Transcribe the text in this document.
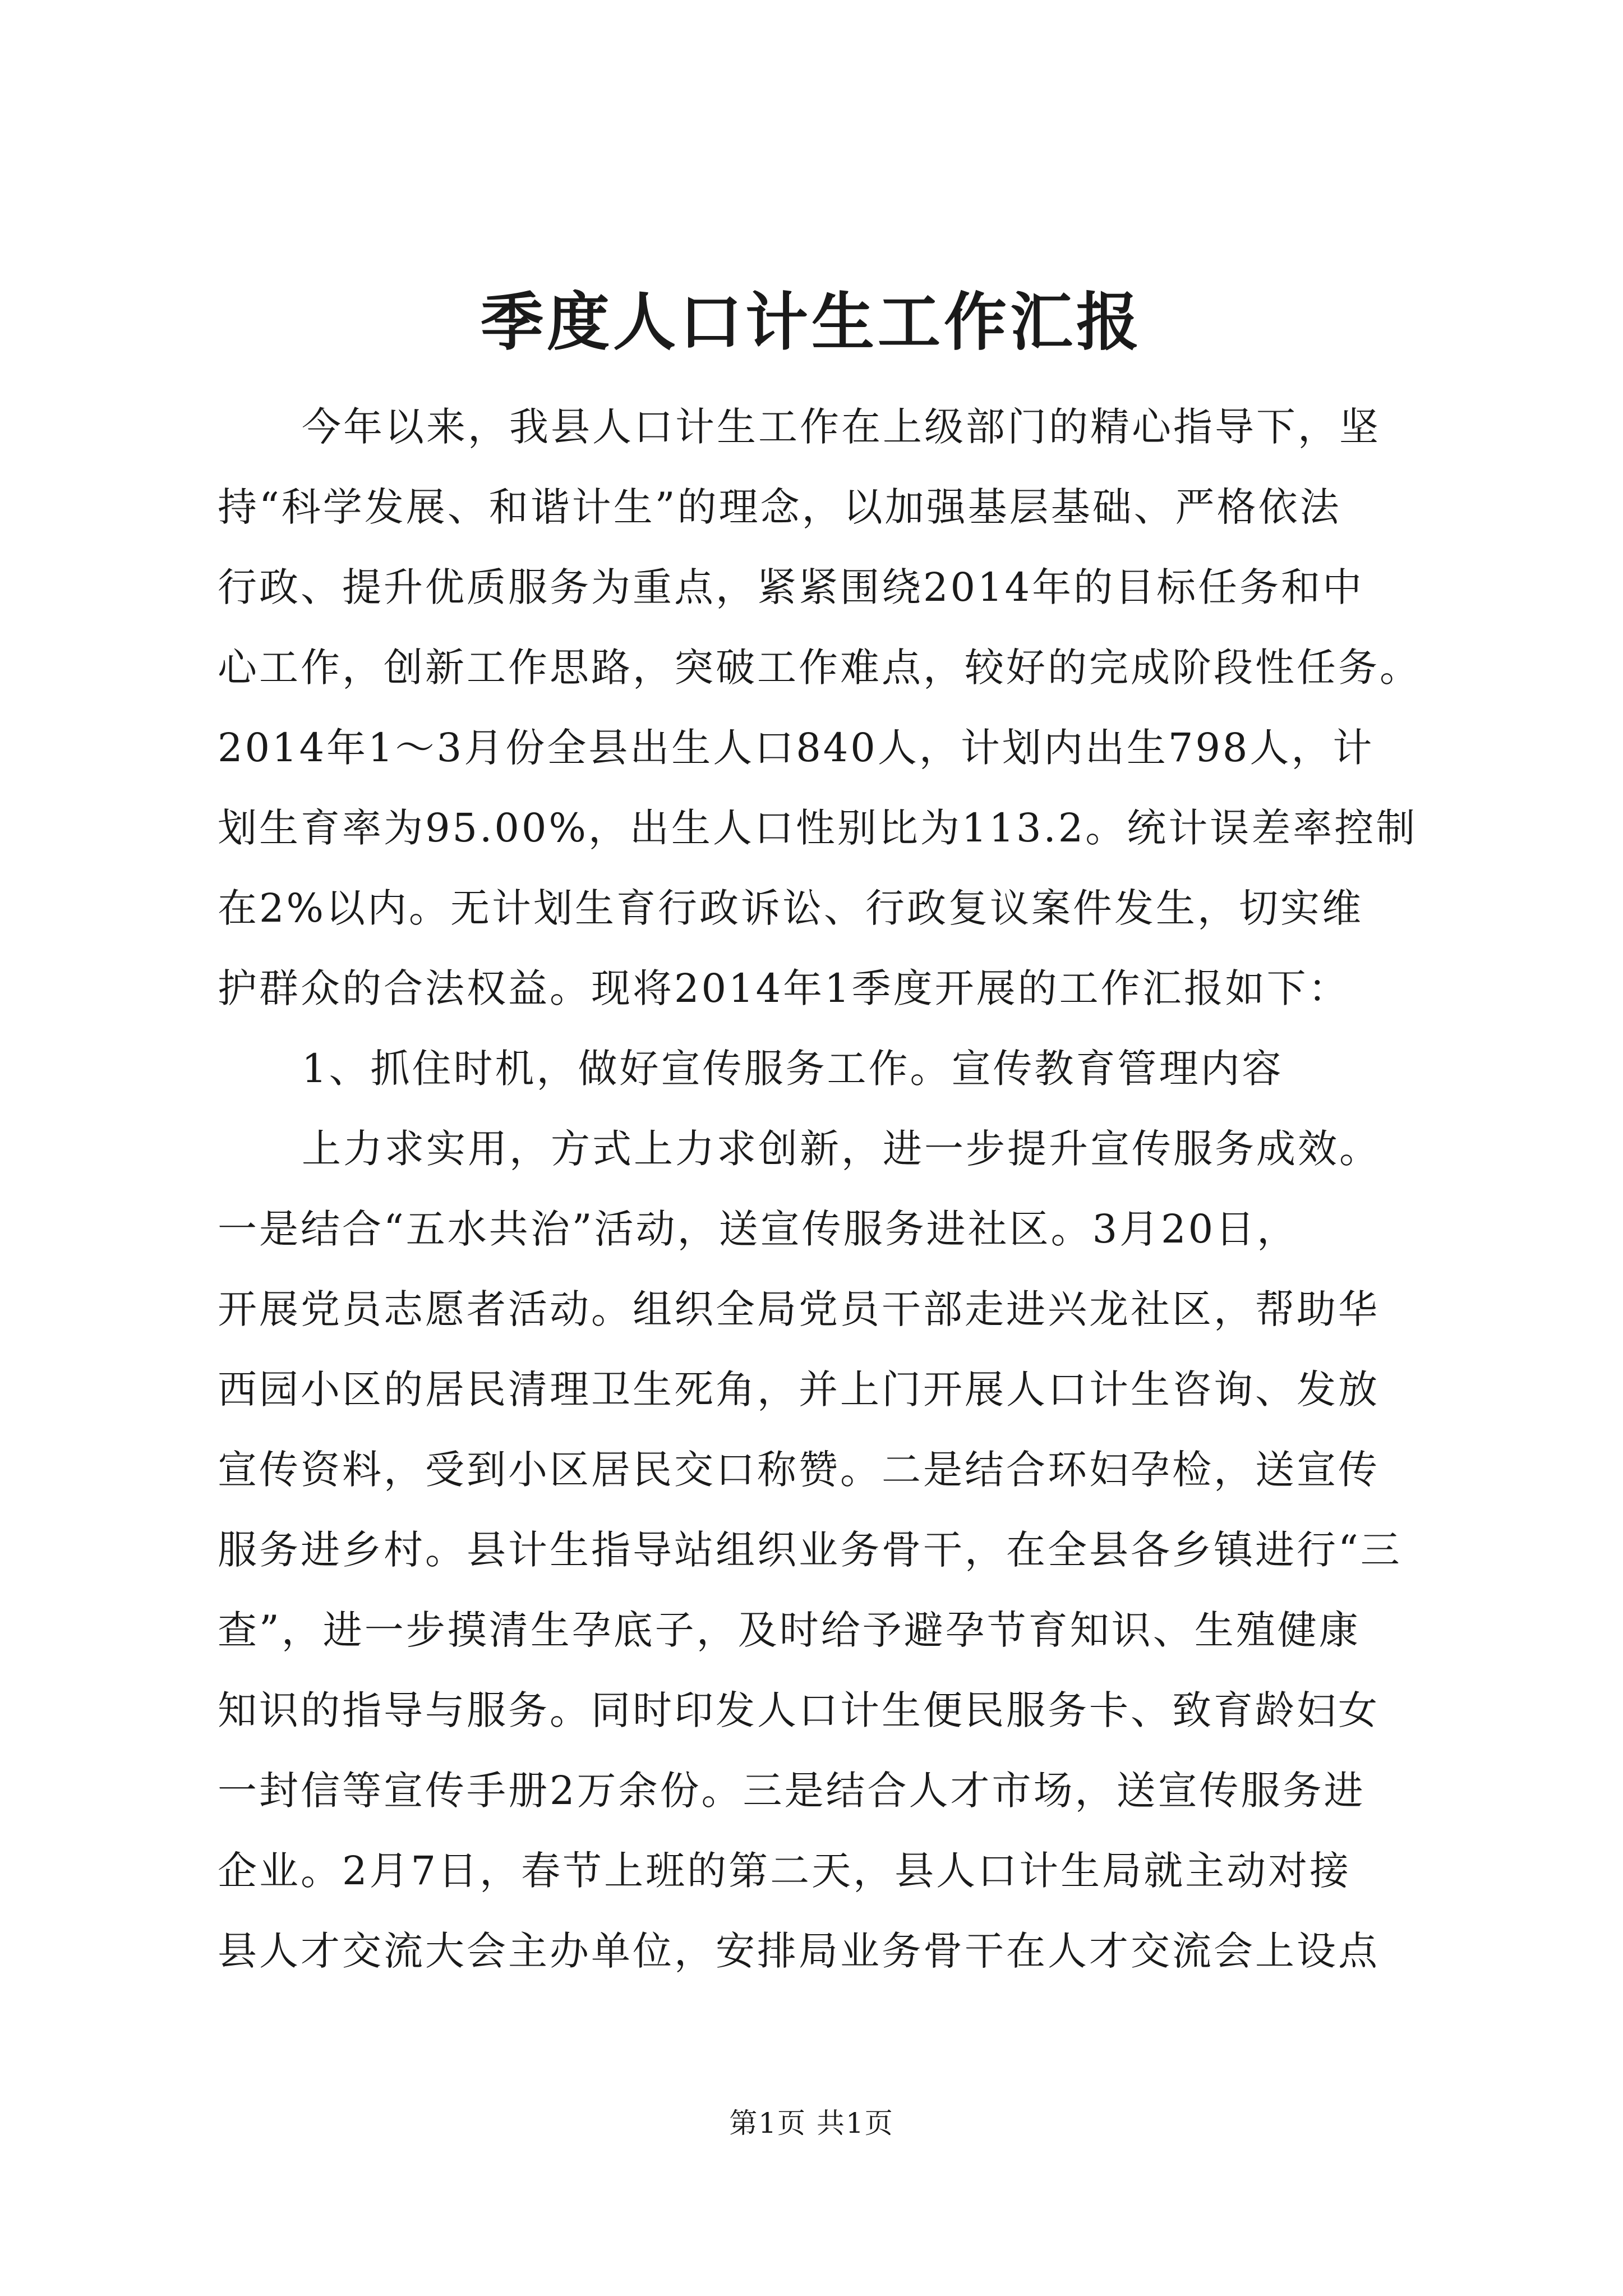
季度人口计生工作汇报
今年以来，我县人口计生工作在上级部门的精心指导下，坚
持“科学发展、和谐计生”的理念，以加强基层基础、严格依法
行政、提升优质服务为重点，紧紧围绕2014年的目标任务和中
心工作，创新工作思路，突破工作难点，较好的完成阶段性任务。
2014年1～3月份全县出生人口840人，计划内出生798人，计
划生育率为95.00%，出生人口性别比为113.2。统计误差率控制
在2%以内。无计划生育行政诉讼、行政复议案件发生，切实维
护群众的合法权益。现将2014年1季度开展的工作汇报如下：
1、抓住时机，做好宣传服务工作。宣传教育管理内容
上力求实用，方式上力求创新，进一步提升宣传服务成效。
一是结合“五水共治”活动，送宣传服务进社区。3月20日，
开展党员志愿者活动。组织全局党员干部走进兴龙社区，帮助华
西园小区的居民清理卫生死角，并上门开展人口计生咨询、发放
宣传资料，受到小区居民交口称赞。二是结合环妇孕检，送宣传
服务进乡村。县计生指导站组织业务骨干，在全县各乡镇进行“三
查”，进一步摸清生孕底子，及时给予避孕节育知识、生殖健康
知识的指导与服务。同时印发人口计生便民服务卡、致育龄妇女
一封信等宣传手册2万余份。三是结合人才市场，送宣传服务进
企业。2月7日，春节上班的第二天，县人口计生局就主动对接
县人才交流大会主办单位，安排局业务骨干在人才交流会上设点
第1页 共1页
